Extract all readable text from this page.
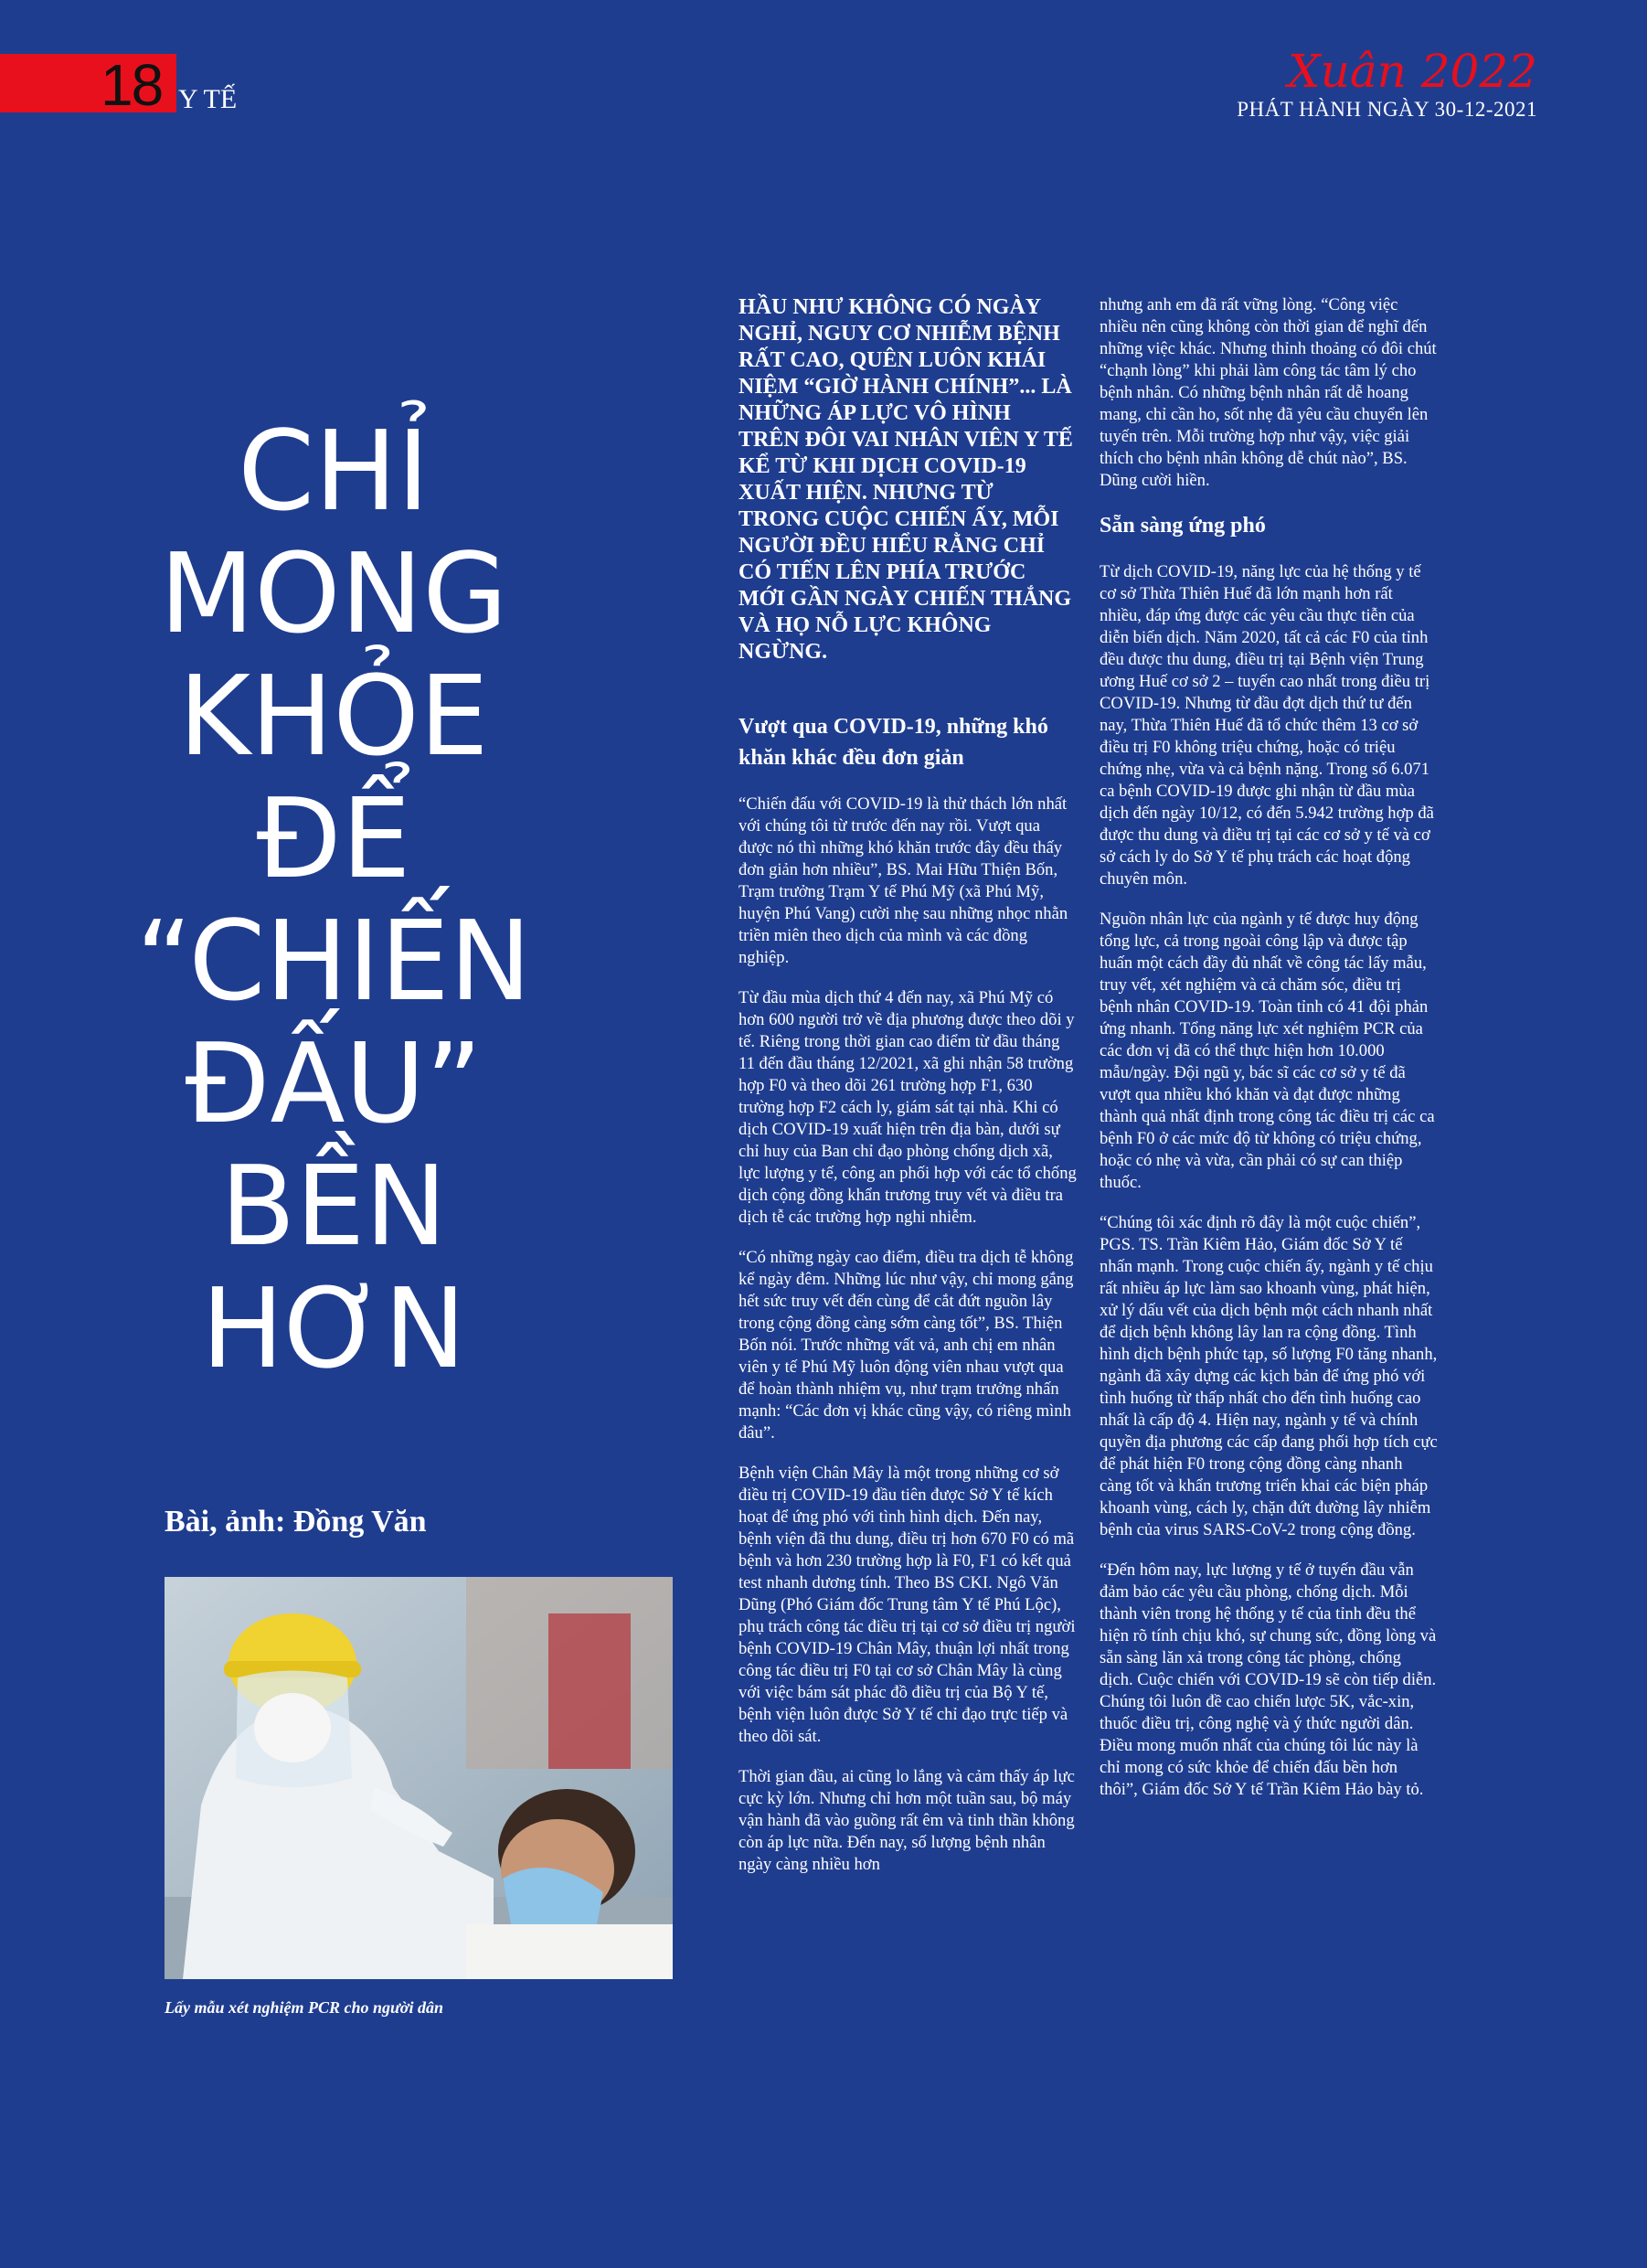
18 Y TẾ
Xuân 2022
PHÁT HÀNH NGÀY 30-12-2021
CHỈ
MONG
KHỎE
ĐỂ
“CHIẾN
ĐẤU”
BỀN
HƠN
Bài, ảnh: Đồng Văn
Lấy mẫu xét nghiệm PCR cho người dân

HẦU NHƯ KHÔNG CÓ NGÀY NGHỈ, NGUY CƠ NHIỄM BỆNH RẤT CAO, QUÊN LUÔN KHÁI NIỆM “GIỜ HÀNH CHÍNH”... LÀ NHỮNG ÁP LỰC VÔ HÌNH TRÊN ĐÔI VAI NHÂN VIÊN Y TẾ KỂ TỪ KHI DỊCH COVID-19 XUẤT HIỆN. NHƯNG TỪ TRONG CUỘC CHIẾN ẤY, MỖI NGƯỜI ĐỀU HIỂU RẰNG CHỈ CÓ TIẾN LÊN PHÍA TRƯỚC MỚI GẦN NGÀY CHIẾN THẮNG VÀ HỌ NỖ LỰC KHÔNG NGỪNG.

Vượt qua COVID-19, những khó khăn khác đều đơn giản

“Chiến đấu với COVID-19 là thử thách lớn nhất với chúng tôi từ trước đến nay rồi. Vượt qua được nó thì những khó khăn trước đây đều thấy đơn giản hơn nhiều”, BS. Mai Hữu Thiện Bốn, Trạm trưởng Trạm Y tế Phú Mỹ (xã Phú Mỹ, huyện Phú Vang) cười nhẹ sau những nhọc nhằn triền miên theo dịch của mình và các đồng nghiệp.

Từ đầu mùa dịch thứ 4 đến nay, xã Phú Mỹ có hơn 600 người trở về địa phương được theo dõi y tế. Riêng trong thời gian cao điểm từ đầu tháng 11 đến đầu tháng 12/2021, xã ghi nhận 58 trường hợp F0 và theo dõi 261 trường hợp F1, 630 trường hợp F2 cách ly, giám sát tại nhà. Khi có dịch COVID-19 xuất hiện trên địa bàn, dưới sự chỉ huy của Ban chỉ đạo phòng chống dịch xã, lực lượng y tế, công an phối hợp với các tổ chống dịch cộng đồng khẩn trương truy vết và điều tra dịch tễ các trường hợp nghi nhiễm.

“Có những ngày cao điểm, điều tra dịch tễ không kể ngày đêm. Những lúc như vậy, chỉ mong gắng hết sức truy vết đến cùng để cắt đứt nguồn lây trong cộng đồng càng sớm càng tốt”, BS. Thiện Bốn nói. Trước những vất vả, anh chị em nhân viên y tế Phú Mỹ luôn động viên nhau vượt qua để hoàn thành nhiệm vụ, như trạm trưởng nhấn mạnh: “Các đơn vị khác cũng vậy, có riêng mình đâu”.

Bệnh viện Chân Mây là một trong những cơ sở điều trị COVID-19 đầu tiên được Sở Y tế kích hoạt để ứng phó với tình hình dịch. Đến nay, bệnh viện đã thu dung, điều trị hơn 670 F0 có mã bệnh và hơn 230 trường hợp là F0, F1 có kết quả test nhanh dương tính. Theo BS CKI. Ngô Văn Dũng (Phó Giám đốc Trung tâm Y tế Phú Lộc), phụ trách công tác điều trị tại cơ sở điều trị người bệnh COVID-19 Chân Mây, thuận lợi nhất trong công tác điều trị F0 tại cơ sở Chân Mây là cùng với việc bám sát phác đồ điều trị của Bộ Y tế, bệnh viện luôn được Sở Y tế chỉ đạo trực tiếp và theo dõi sát.

Thời gian đầu, ai cũng lo lắng và cảm thấy áp lực cực kỳ lớn. Nhưng chỉ hơn một tuần sau, bộ máy vận hành đã vào guồng rất êm và tinh thần không còn áp lực nữa. Đến nay, số lượng bệnh nhân ngày càng nhiều hơn

nhưng anh em đã rất vững lòng. “Công việc nhiều nên cũng không còn thời gian để nghĩ đến những việc khác. Nhưng thỉnh thoảng có đôi chút “chạnh lòng” khi phải làm công tác tâm lý cho bệnh nhân. Có những bệnh nhân rất dễ hoang mang, chỉ cần ho, sốt nhẹ đã yêu cầu chuyển lên tuyến trên. Mỗi trường hợp như vậy, việc giải thích cho bệnh nhân không dễ chút nào”, BS. Dũng cười hiền.

Sẵn sàng ứng phó

Từ dịch COVID-19, năng lực của hệ thống y tế cơ sở Thừa Thiên Huế đã lớn mạnh hơn rất nhiều, đáp ứng được các yêu cầu thực tiễn của diễn biến dịch. Năm 2020, tất cả các F0 của tỉnh đều được thu dung, điều trị tại Bệnh viện Trung ương Huế cơ sở 2 – tuyến cao nhất trong điều trị COVID-19. Nhưng từ đầu đợt dịch thứ tư đến nay, Thừa Thiên Huế đã tổ chức thêm 13 cơ sở điều trị F0 không triệu chứng, hoặc có triệu chứng nhẹ, vừa và cả bệnh nặng. Trong số 6.071 ca bệnh COVID-19 được ghi nhận từ đầu mùa dịch đến ngày 10/12, có đến 5.942 trường hợp đã được thu dung và điều trị tại các cơ sở y tế và cơ sở cách ly do Sở Y tế phụ trách các hoạt động chuyên môn.

Nguồn nhân lực của ngành y tế được huy động tổng lực, cả trong ngoài công lập và được tập huấn một cách đầy đủ nhất về công tác lấy mẫu, truy vết, xét nghiệm và cả chăm sóc, điều trị bệnh nhân COVID-19. Toàn tỉnh có 41 đội phản ứng nhanh. Tổng năng lực xét nghiệm PCR của các đơn vị đã có thể thực hiện hơn 10.000 mẫu/ngày. Đội ngũ y, bác sĩ các cơ sở y tế đã vượt qua nhiều khó khăn và đạt được những thành quả nhất định trong công tác điều trị các ca bệnh F0 ở các mức độ từ không có triệu chứng, hoặc có nhẹ và vừa, cần phải có sự can thiệp thuốc.

“Chúng tôi xác định rõ đây là một cuộc chiến”, PGS. TS. Trần Kiêm Hảo, Giám đốc Sở Y tế nhấn mạnh. Trong cuộc chiến ấy, ngành y tế chịu rất nhiều áp lực làm sao khoanh vùng, phát hiện, xử lý dấu vết của dịch bệnh một cách nhanh nhất để dịch bệnh không lây lan ra cộng đồng. Tình hình dịch bệnh phức tạp, số lượng F0 tăng nhanh, ngành đã xây dựng các kịch bản để ứng phó với tình huống từ thấp nhất cho đến tình huống cao nhất là cấp độ 4. Hiện nay, ngành y tế và chính quyền địa phương các cấp đang phối hợp tích cực để phát hiện F0 trong cộng đồng càng nhanh càng tốt và khẩn trương triển khai các biện pháp khoanh vùng, cách ly, chặn đứt đường lây nhiễm bệnh của virus SARS-CoV-2 trong cộng đồng.

“Đến hôm nay, lực lượng y tế ở tuyến đầu vẫn đảm bảo các yêu cầu phòng, chống dịch. Mỗi thành viên trong hệ thống y tế của tỉnh đều thể hiện rõ tính chịu khó, sự chung sức, đồng lòng và sẵn sàng lăn xả trong công tác phòng, chống dịch. Cuộc chiến với COVID-19 sẽ còn tiếp diễn. Chúng tôi luôn đề cao chiến lược 5K, vắc-xin, thuốc điều trị, công nghệ và ý thức người dân. Điều mong muốn nhất của chúng tôi lúc này là chỉ mong có sức khỏe để chiến đấu bền hơn thôi”, Giám đốc Sở Y tế Trần Kiêm Hảo bày tỏ.
